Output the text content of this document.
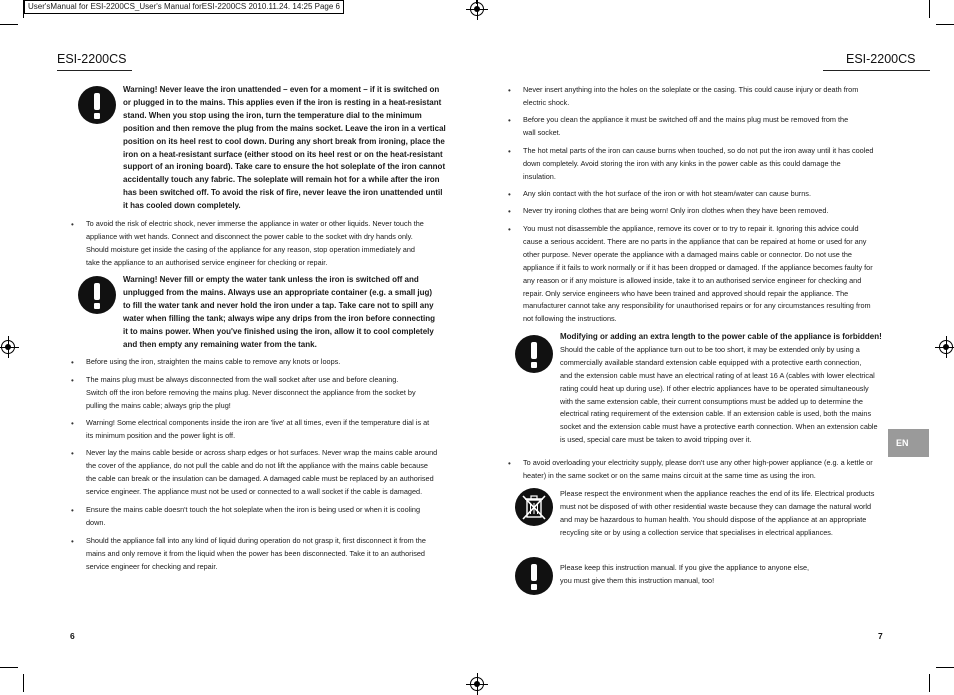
User'sManual for ESI-2200CS_User's Manual forESI-2200CS 2010.11.24. 14:25 Page 6
ESI-2200CS
Warning! Never leave the iron unattended – even for a moment – if it is switched on
or plugged in to the mains. This applies even if the iron is resting in a heat-resistant
stand. When you stop using the iron, turn the temperature dial to the minimum
position and then remove the plug from the mains socket. Leave the iron in a vertical
position on its heel rest to cool down. During any short break from ironing, place the
iron on a heat-resistant surface (either stood on its heel rest or on the heat-resistant
support of an ironing board). Take care to ensure the hot soleplate of the iron cannot
accidentally touch any fabric. The soleplate will remain hot for a while after the iron
has been switched off. To avoid the risk of fire, never leave the iron unattended until
it has cooled down completely.
• To avoid the risk of electric shock, never immerse the appliance in water or other liquids. Never touch the
appliance with wet hands. Connect and disconnect the power cable to the socket with dry hands only.
Should moisture get inside the casing of the appliance for any reason, stop operation immediately and
take the appliance to an authorised service engineer for checking or repair.
Warning! Never fill or empty the water tank unless the iron is switched off and
unplugged from the mains. Always use an appropriate container (e.g. a small jug)
to fill the water tank and never hold the iron under a tap. Take care not to spill any
water when filling the tank; always wipe any drips from the iron before connecting
it to mains power. When you've finished using the iron, allow it to cool completely
and then empty any remaining water from the tank.
• Before using the iron, straighten the mains cable to remove any knots or loops.
• The mains plug must be always disconnected from the wall socket after use and before cleaning.
Switch off the iron before removing the mains plug. Never disconnect the appliance from the socket by
pulling the mains cable; always grip the plug!
• Warning! Some electrical components inside the iron are 'live' at all times, even if the temperature dial is at
its minimum position and the power light is off.
• Never lay the mains cable beside or across sharp edges or hot surfaces. Never wrap the mains cable around
the cover of the appliance, do not pull the cable and do not lift the appliance with the mains cable because
the cable can break or the insulation can be damaged. A damaged cable must be replaced by an authorised
service engineer. The appliance must not be used or connected to a wall socket if the cable is damaged.
• Ensure the mains cable doesn't touch the hot soleplate when the iron is being used or when it is cooling
down.
• Should the appliance fall into any kind of liquid during operation do not grasp it, first disconnect it from the
mains and only remove it from the liquid when the power has been disconnected. Take it to an authorised
service engineer for checking and repair.
6
ESI-2200CS
• Never insert anything into the holes on the soleplate or the casing. This could cause injury or death from
electric shock.
• Before you clean the appliance it must be switched off and the mains plug must be removed from the
wall socket.
• The hot metal parts of the iron can cause burns when touched, so do not put the iron away until it has cooled
down completely. Avoid storing the iron with any kinks in the power cable as this could damage the
insulation.
• Any skin contact with the hot surface of the iron or with hot steam/water can cause burns.
• Never try ironing clothes that are being worn! Only iron clothes when they have been removed.
• You must not disassemble the appliance, remove its cover or to try to repair it. Ignoring this advice could
cause a serious accident. There are no parts in the appliance that can be repaired at home or used for any
other purpose. Never operate the appliance with a damaged mains cable or connector. Do not use the
appliance if it fails to work normally or if it has been dropped or damaged. If the appliance becomes faulty for
any reason or if any moisture is allowed inside, take it to an authorised service engineer for checking and
repair. Only service engineers who have been trained and approved should repair the appliance. The
manufacturer cannot take any responsibility for unauthorised repairs or for any circumstances resulting from
not following the instructions.
Modifying or adding an extra length to the power cable of the appliance is forbidden!
Should the cable of the appliance turn out to be too short, it may be extended only by using a
commercially available standard extension cable equipped with a protective earth connection,
and the extension cable must have an electrical rating of at least 16 A (cables with lower electrical
rating could heat up during use). If other electric appliances have to be operated simultaneously
with the same extension cable, their current consumptions must be added up to determine the
electrical rating requirement of the extension cable. If an extension cable is used, both the mains
socket and the extension cable must have a protective earth connection. When an extension cable
is used, special care must be taken to avoid tripping over it.
• To avoid overloading your electricity supply, please don't use any other high-power appliance (e.g. a kettle or
heater) in the same socket or on the same mains circuit at the same time as using the iron.
Please respect the environment when the appliance reaches the end of its life. Electrical products
must not be disposed of with other residential waste because they can damage the natural world
and may be hazardous to human health. You should dispose of the appliance at an appropriate
recycling site or by using a collection service that specialises in electrical appliances.
Please keep this instruction manual. If you give the appliance to anyone else,
you must give them this instruction manual, too!
EN
7
